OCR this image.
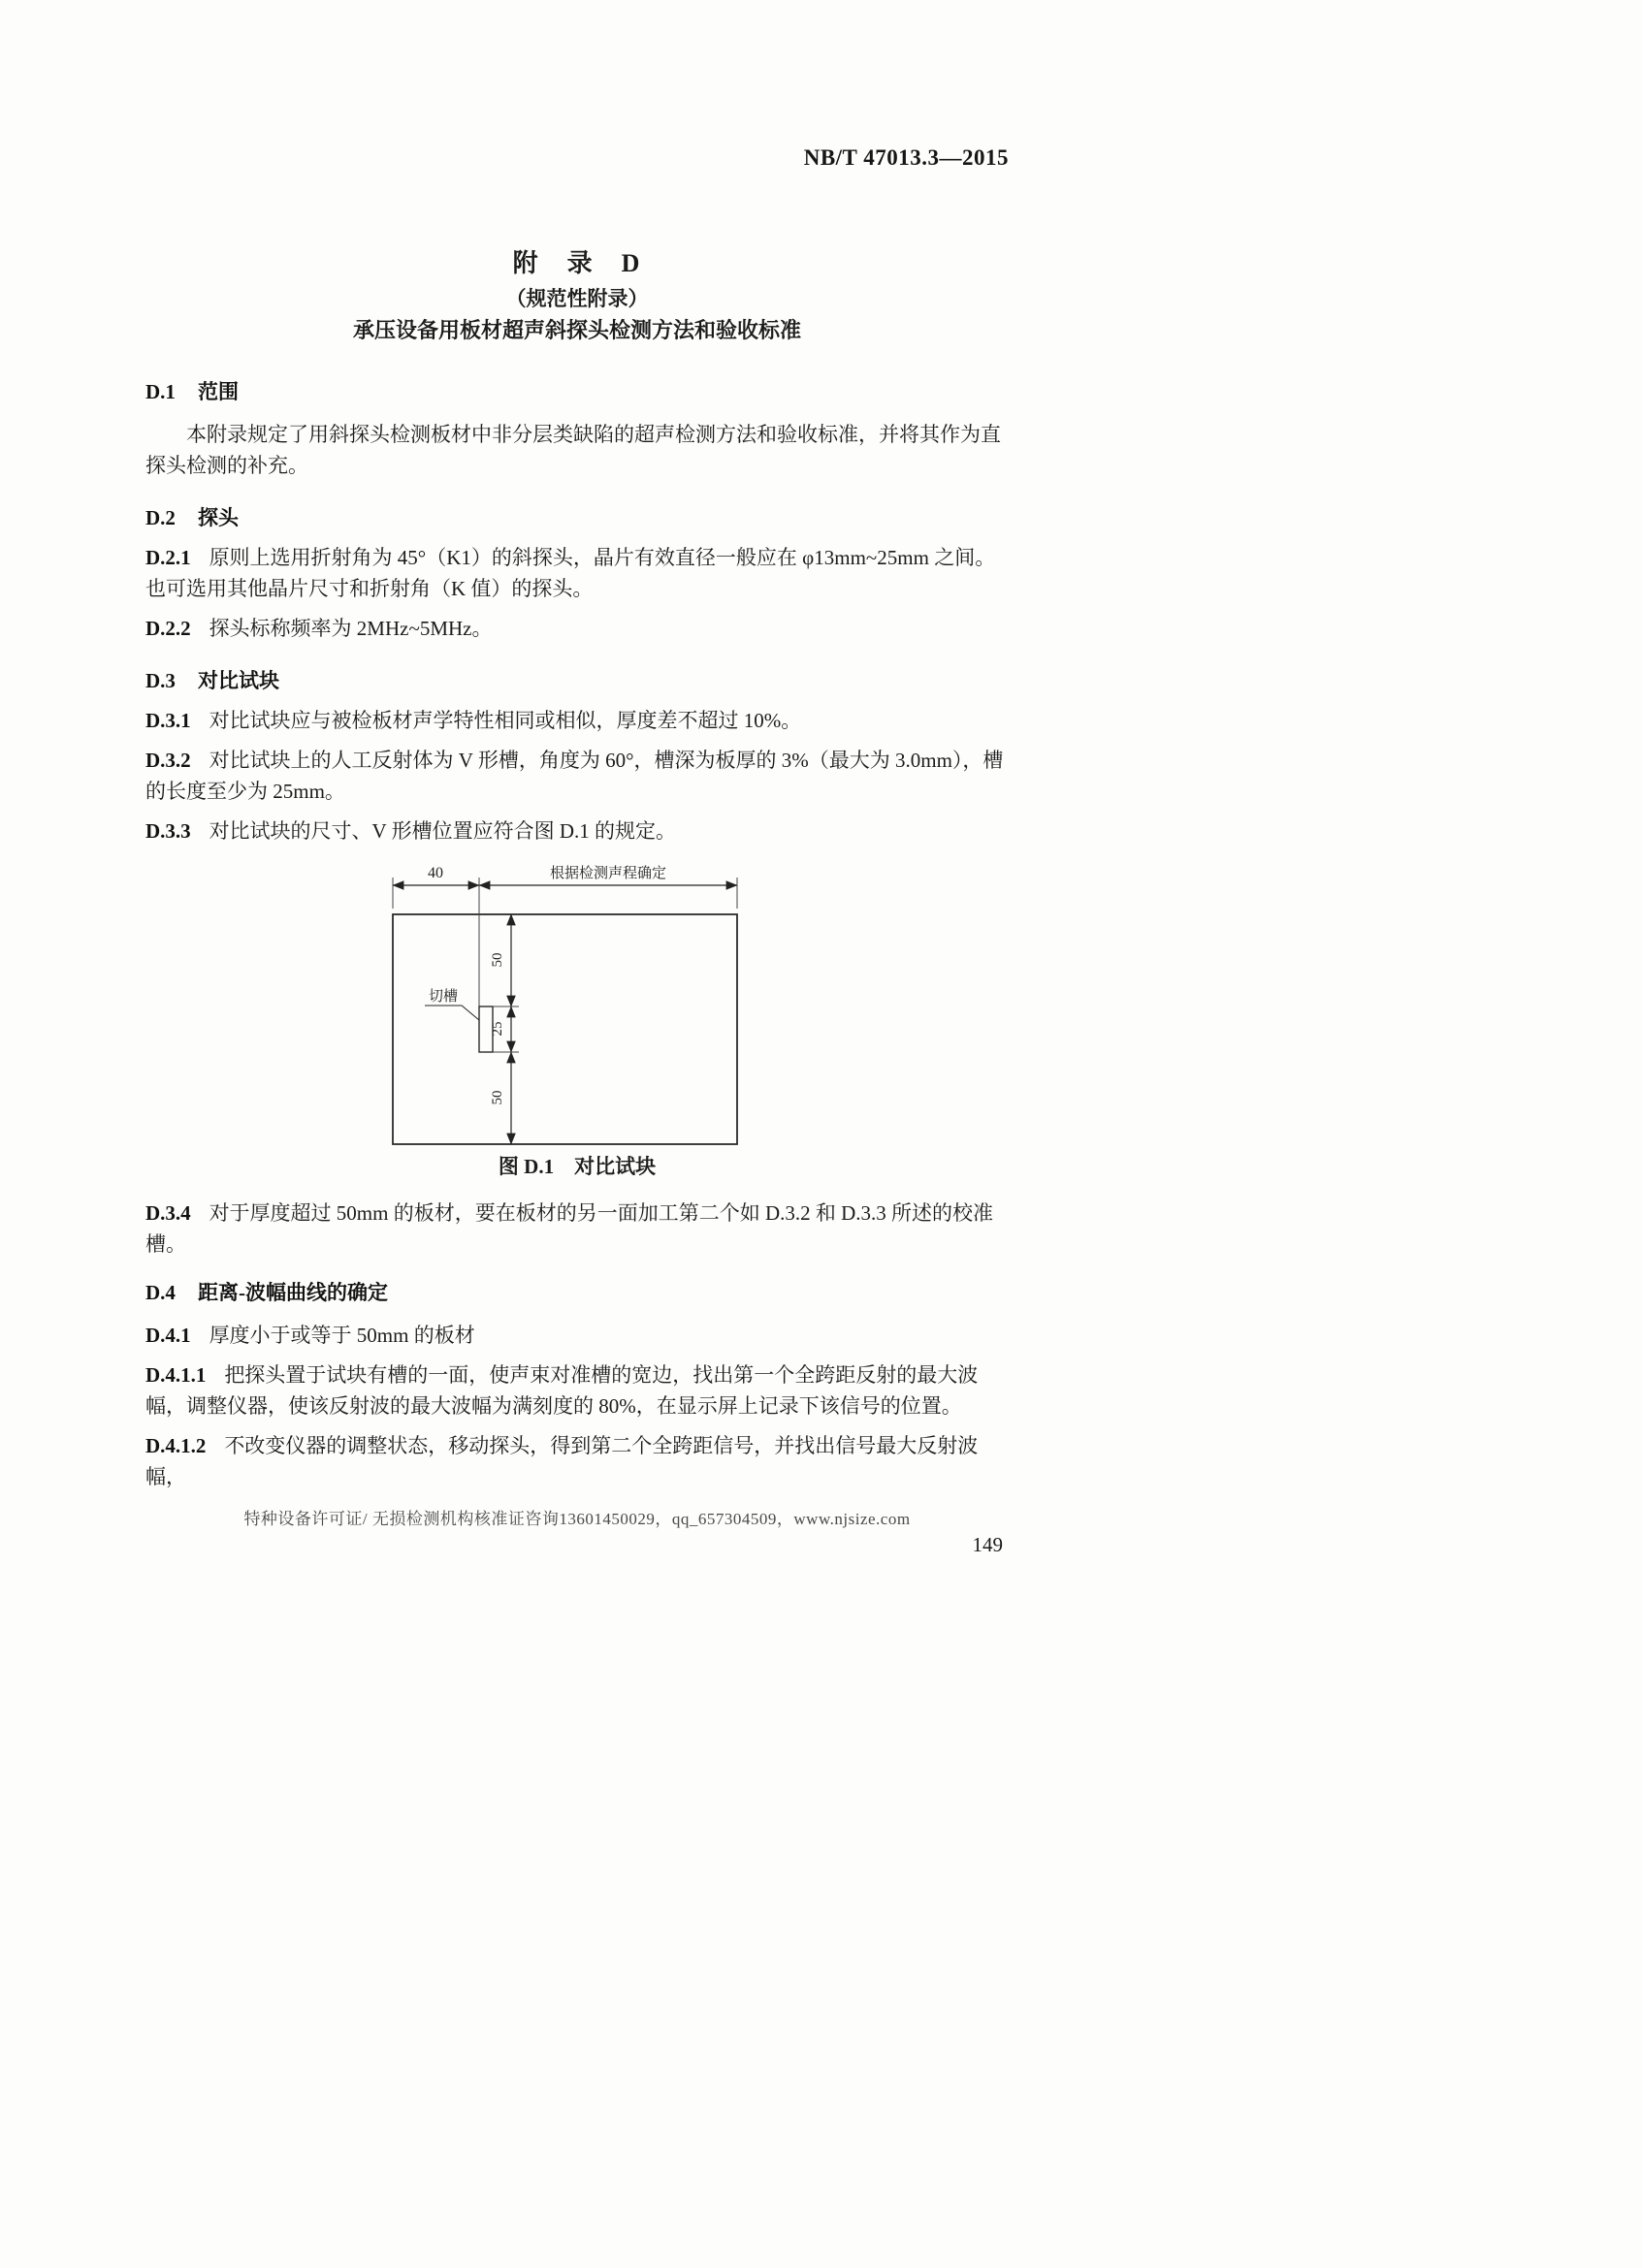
NB/T 47013.3—2015
附　录　D
（规范性附录）
承压设备用板材超声斜探头检测方法和验收标准
D.1 范围

本附录规定了用斜探头检测板材中非分层类缺陷的超声检测方法和验收标准，并将其作为直探头检测的补充。

D.2 探头

D.2.1 原则上选用折射角为 45°（K1）的斜探头，晶片有效直径一般应在 φ13mm~25mm 之间。也可选用其他晶片尺寸和折射角（K 值）的探头。

D.2.2 探头标称频率为 2MHz~5MHz。

D.3 对比试块

D.3.1 对比试块应与被检板材声学特性相同或相似，厚度差不超过 10%。

D.3.2 对比试块上的人工反射体为 V 形槽，角度为 60°，槽深为板厚的 3%（最大为 3.0mm），槽的长度至少为 25mm。

D.3.3 对比试块的尺寸、V 形槽位置应符合图 D.1 的规定。

40	根据检测声程确定
50
25
50
切槽
图 D.1　对比试块

D.3.4 对于厚度超过 50mm 的板材，要在板材的另一面加工第二个如 D.3.2 和 D.3.3 所述的校准槽。

D.4 距离-波幅曲线的确定

D.4.1 厚度小于或等于 50mm 的板材

D.4.1.1 把探头置于试块有槽的一面，使声束对准槽的宽边，找出第一个全跨距反射的最大波幅，调整仪器，使该反射波的最大波幅为满刻度的 80%，在显示屏上记录下该信号的位置。

D.4.1.2 不改变仪器的调整状态，移动探头，得到第二个全跨距信号，并找出信号最大反射波幅，

149
特种设备许可证/ 无损检测机构核准证咨询13601450029，qq_657304509，www.njsize.com
